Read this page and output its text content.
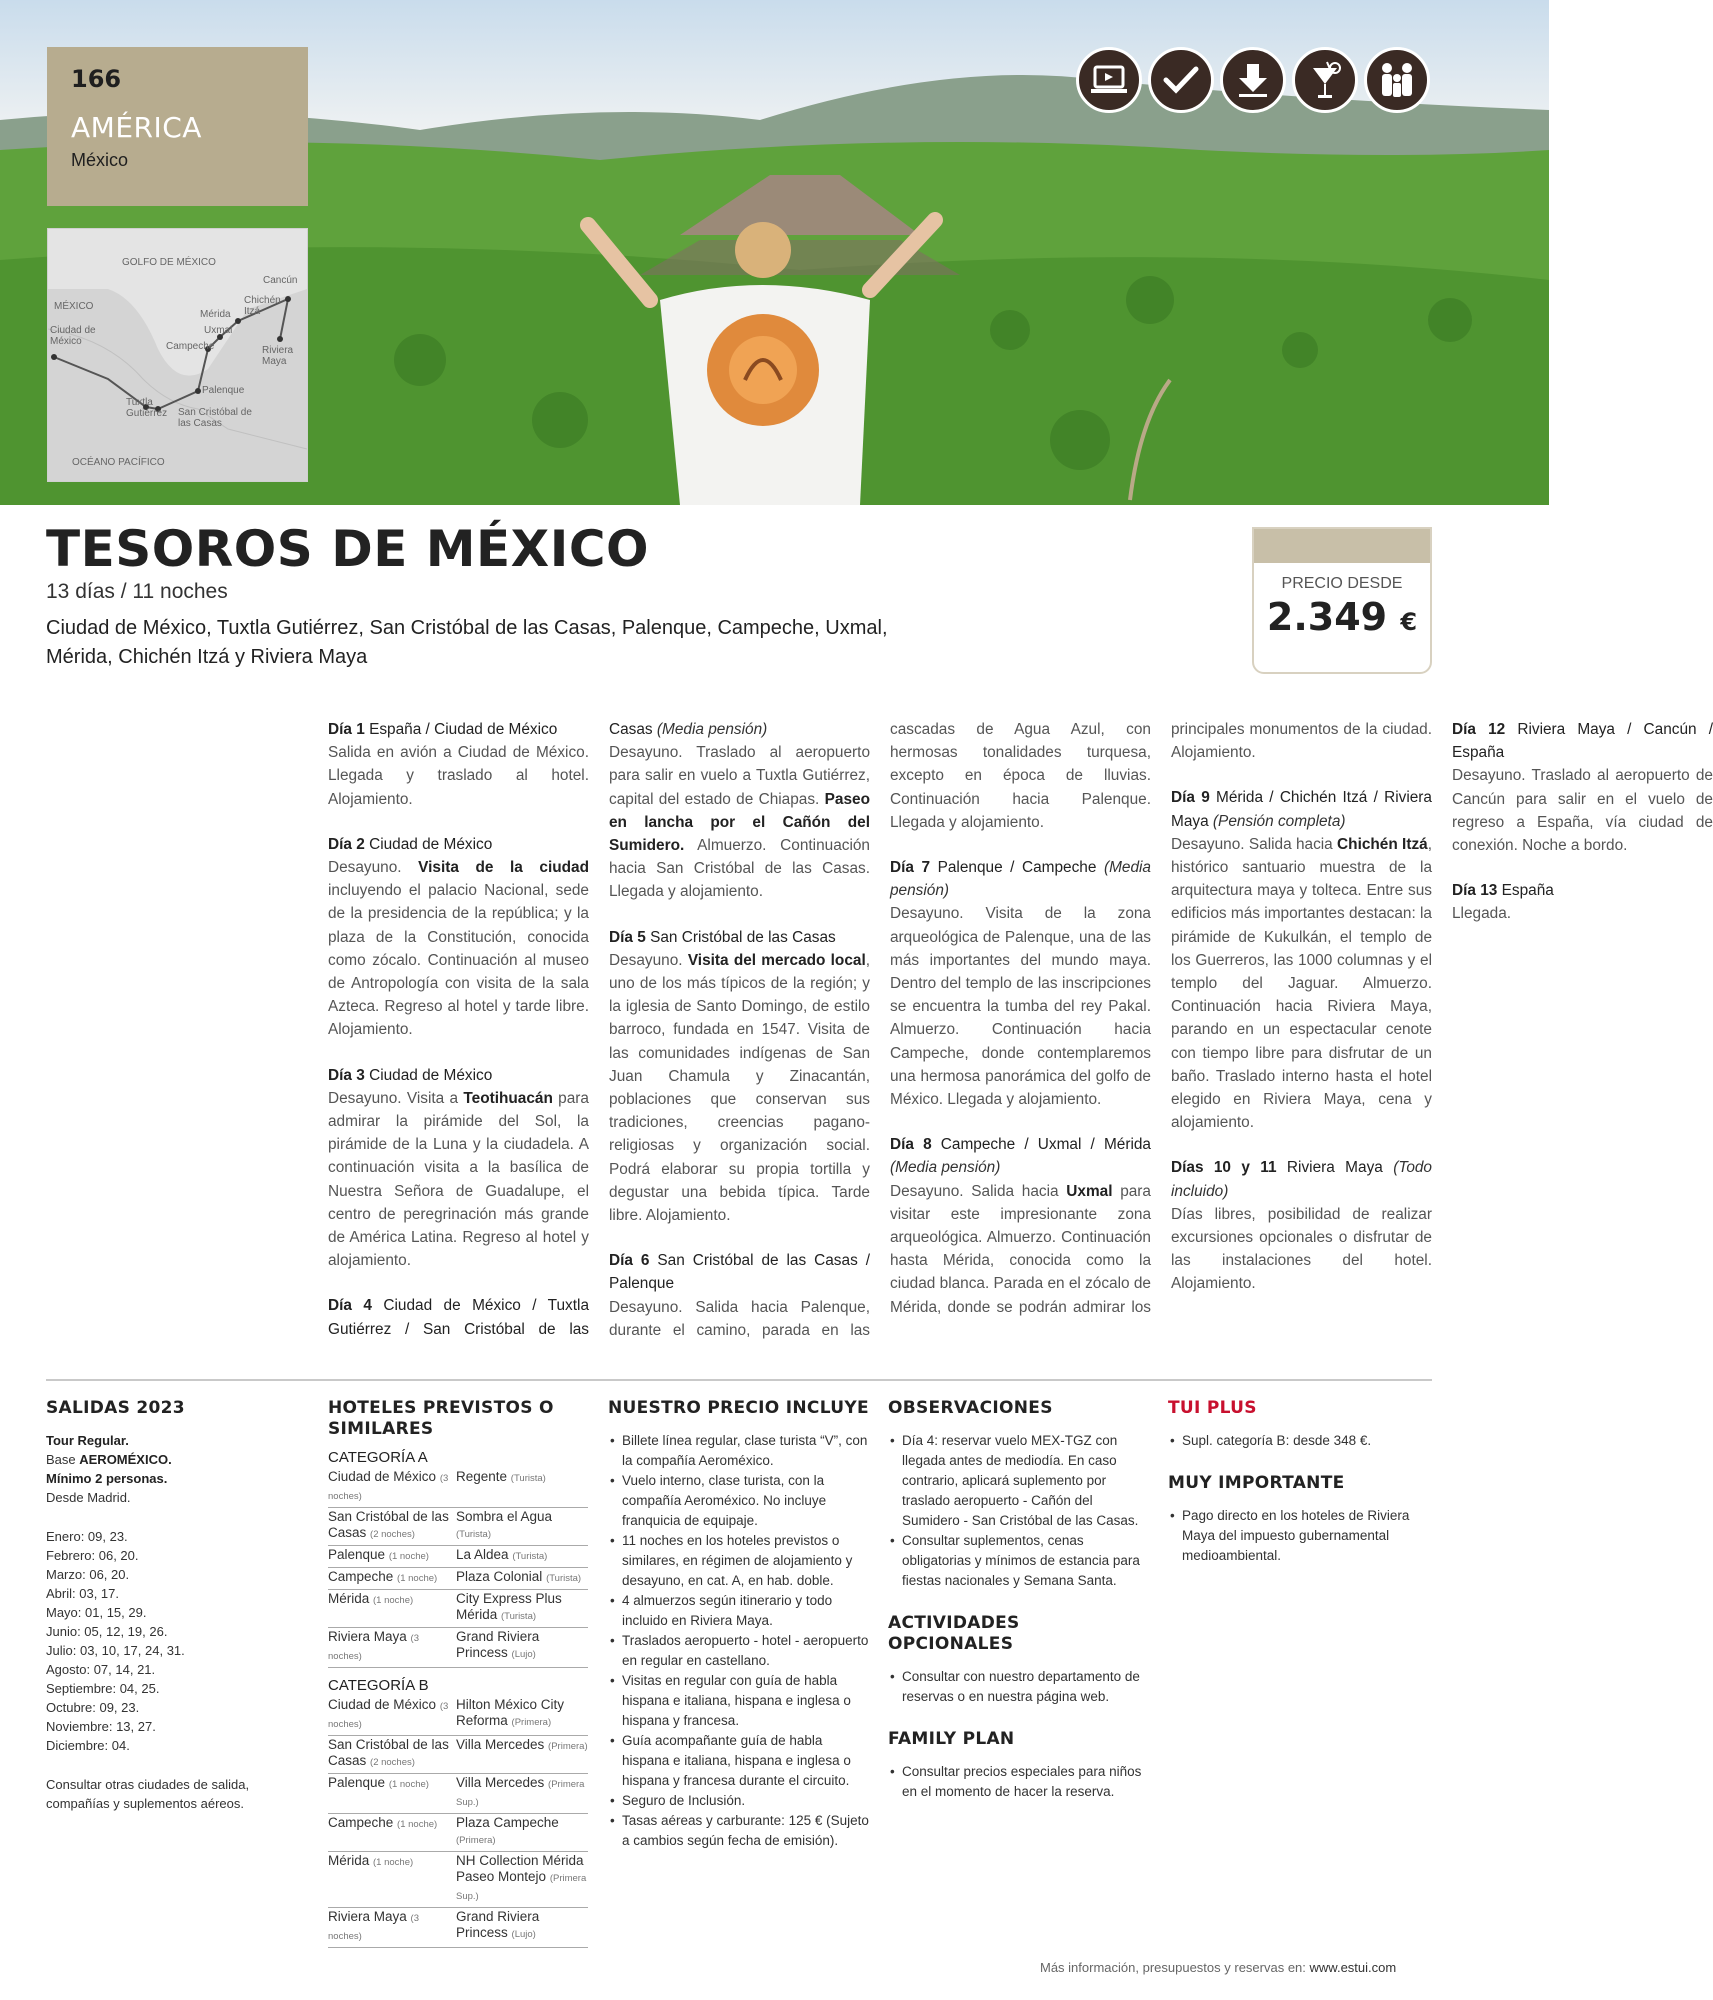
166
AMÉRICA
México
GOLFO DE MÉXICO
MÉXICO
Ciudad de México
Cancún
Chichén Itzá
Mérida
Uxmal
Campeche	Riviera Maya
Palenque
Tuxtla Gutiérrez San Cristóbal de las Casas
OCÉANO PACÍFICO
TESOROS DE MÉXICO
13 días / 11 noches
Ciudad de México, Tuxtla Gutiérrez, San Cristóbal de las Casas, Palenque, Campeche, Uxmal, Mérida, Chichén Itzá y Riviera Maya
PRECIO DESDE
2.349 €
Día 1 España / Ciudad de México
Salida en avión a Ciudad de México. Llegada y traslado al hotel. Alojamiento.
Día 2 Ciudad de México
Desayuno. Visita de la ciudad incluyendo el palacio Nacional, sede de la presidencia de la república; y la plaza de la Constitución, conocida como zócalo. Continuación al museo de Antropología con visita de la sala Azteca. Regreso al hotel y tarde libre. Alojamiento.
Día 3 Ciudad de México
Desayuno. Visita a Teotihuacán para admirar la pirámide del Sol, la pirámide de la Luna y la ciudadela. A continuación visita a la basílica de Nuestra Señora de Guadalupe, el centro de peregrinación más grande de América Latina. Regreso al hotel y alojamiento.
Día 4 Ciudad de México / Tuxtla Gutiérrez / San Cristóbal de las Casas (Media pensión)
Desayuno. Traslado al aeropuerto para salir en vuelo a Tuxtla Gutiérrez, capital del estado de Chiapas. Paseo en lancha por el Cañón del Sumidero. Almuerzo. Continuación hacia San Cristóbal de las Casas. Llegada y alojamiento.
Día 5 San Cristóbal de las Casas
Desayuno. Visita del mercado local, uno de los más típicos de la región; y la iglesia de Santo Domingo, de estilo barroco, fundada en 1547. Visita de las comunidades indígenas de San Juan Chamula y Zinacantán, poblaciones que conservan sus tradiciones, creencias pagano-religiosas y organización social. Podrá elaborar su propia tortilla y degustar una bebida típica. Tarde libre. Alojamiento.
Día 6 San Cristóbal de las Casas / Palenque
Desayuno. Salida hacia Palenque, durante el camino, parada en las cascadas de Agua Azul, con hermosas tonalidades turquesa, excepto en época de lluvias. Continuación hacia Palenque. Llegada y alojamiento.
Día 7 Palenque / Campeche (Media pensión)
Desayuno. Visita de la zona arqueológica de Palenque, una de las más importantes del mundo maya. Dentro del templo de las inscripciones se encuentra la tumba del rey Pakal. Almuerzo. Continuación hacia Campeche, donde contemplaremos una hermosa panorámica del golfo de México. Llegada y alojamiento.
Día 8 Campeche / Uxmal / Mérida (Media pensión)
Desayuno. Salida hacia Uxmal para visitar este impresionante zona arqueológica. Almuerzo. Continuación hasta Mérida, conocida como la ciudad blanca. Parada en el zócalo de Mérida, donde se podrán admirar los principales monumentos de la ciudad. Alojamiento.
Día 9 Mérida / Chichén Itzá / Riviera Maya (Pensión completa)
Desayuno. Salida hacia Chichén Itzá, histórico santuario muestra de la arquitectura maya y tolteca. Entre sus edificios más importantes destacan: la pirámide de Kukulkán, el templo de los Guerreros, las 1000 columnas y el templo del Jaguar. Almuerzo. Continuación hacia Riviera Maya, parando en un espectacular cenote con tiempo libre para disfrutar de un baño. Traslado interno hasta el hotel elegido en Riviera Maya, cena y alojamiento.
Días 10 y 11 Riviera Maya (Todo incluido)
Días libres, posibilidad de realizar excursiones opcionales o disfrutar de las instalaciones del hotel. Alojamiento.
Día 12 Riviera Maya / Cancún / España
Desayuno. Traslado al aeropuerto de Cancún para salir en el vuelo de regreso a España, vía ciudad de conexión. Noche a bordo.
Día 13 España
Llegada.
SALIDAS 2023

Tour Regular.

Base AEROMÉXICO.

Mínimo 2 personas.

Desde Madrid.

Enero: 09, 23.
Febrero: 06, 20.
Marzo: 06, 20.
Abril: 03, 17.
Mayo: 01, 15, 29.
Junio: 05, 12, 19, 26.
Julio: 03, 10, 17, 24, 31.
Agosto: 07, 14, 21.
Septiembre: 04, 25.
Octubre: 09, 23.
Noviembre: 13, 27.
Diciembre: 04.

Consultar otras ciudades de salida, compañías y suplementos aéreos.

HOTELES PREVISTOS O SIMILARES
CATEGORÍA A
Ciudad de México (3 noches)	Regente (Turista)
San Cristóbal de las Casas (2 noches)	Sombra el Agua (Turista)
Palenque (1 noche)	La Aldea (Turista)
Campeche (1 noche)	Plaza Colonial (Turista)
Mérida (1 noche)	City Express Plus Mérida (Turista)
Riviera Maya (3 noches)	Grand Riviera Princess (Lujo)
CATEGORÍA B
Ciudad de México (3 noches)	Hilton México City Reforma (Primera)
San Cristóbal de las Casas (2 noches)	Villa Mercedes (Primera)
Palenque (1 noche)	Villa Mercedes (Primera Sup.)
Campeche (1 noche)	Plaza Campeche (Primera)
Mérida (1 noche)	NH Collection Mérida Paseo Montejo (Primera Sup.)
Riviera Maya (3 noches)	Grand Riviera Princess (Lujo)
NUESTRO PRECIO INCLUYE
• Billete línea regular, clase turista “V”, con la compañía Aeroméxico.
• Vuelo interno, clase turista, con la compañía Aeroméxico. No incluye franquicia de equipaje.
• 11 noches en los hoteles previstos o similares, en régimen de alojamiento y desayuno, en cat. A, en hab. doble.
• 4 almuerzos según itinerario y todo incluido en Riviera Maya.
• Traslados aeropuerto - hotel - aeropuerto en regular en castellano.
• Visitas en regular con guía de habla hispana e italiana, hispana e inglesa o hispana y francesa.
• Guía acompañante guía de habla hispana e italiana, hispana e inglesa o hispana y francesa durante el circuito.
• Seguro de Inclusión.
• Tasas aéreas y carburante: 125 € (Sujeto a cambios según fecha de emisión).
OBSERVACIONES
• Día 4: reservar vuelo MEX-TGZ con llegada antes de mediodía. En caso contrario, aplicará suplemento por traslado aeropuerto - Cañón del Sumidero - San Cristóbal de las Casas.
• Consultar suplementos, cenas obligatorias y mínimos de estancia para fiestas nacionales y Semana Santa.
ACTIVIDADES OPCIONALES
• Consultar con nuestro departamento de reservas o en nuestra página web.
FAMILY PLAN
• Consultar precios especiales para niños en el momento de hacer la reserva.
TUI PLUS
• Supl. categoría B: desde 348 €.
MUY IMPORTANTE
• Pago directo en los hoteles de Riviera Maya del impuesto gubernamental medioambiental.
Más información, presupuestos y reservas en: www.estui.com
